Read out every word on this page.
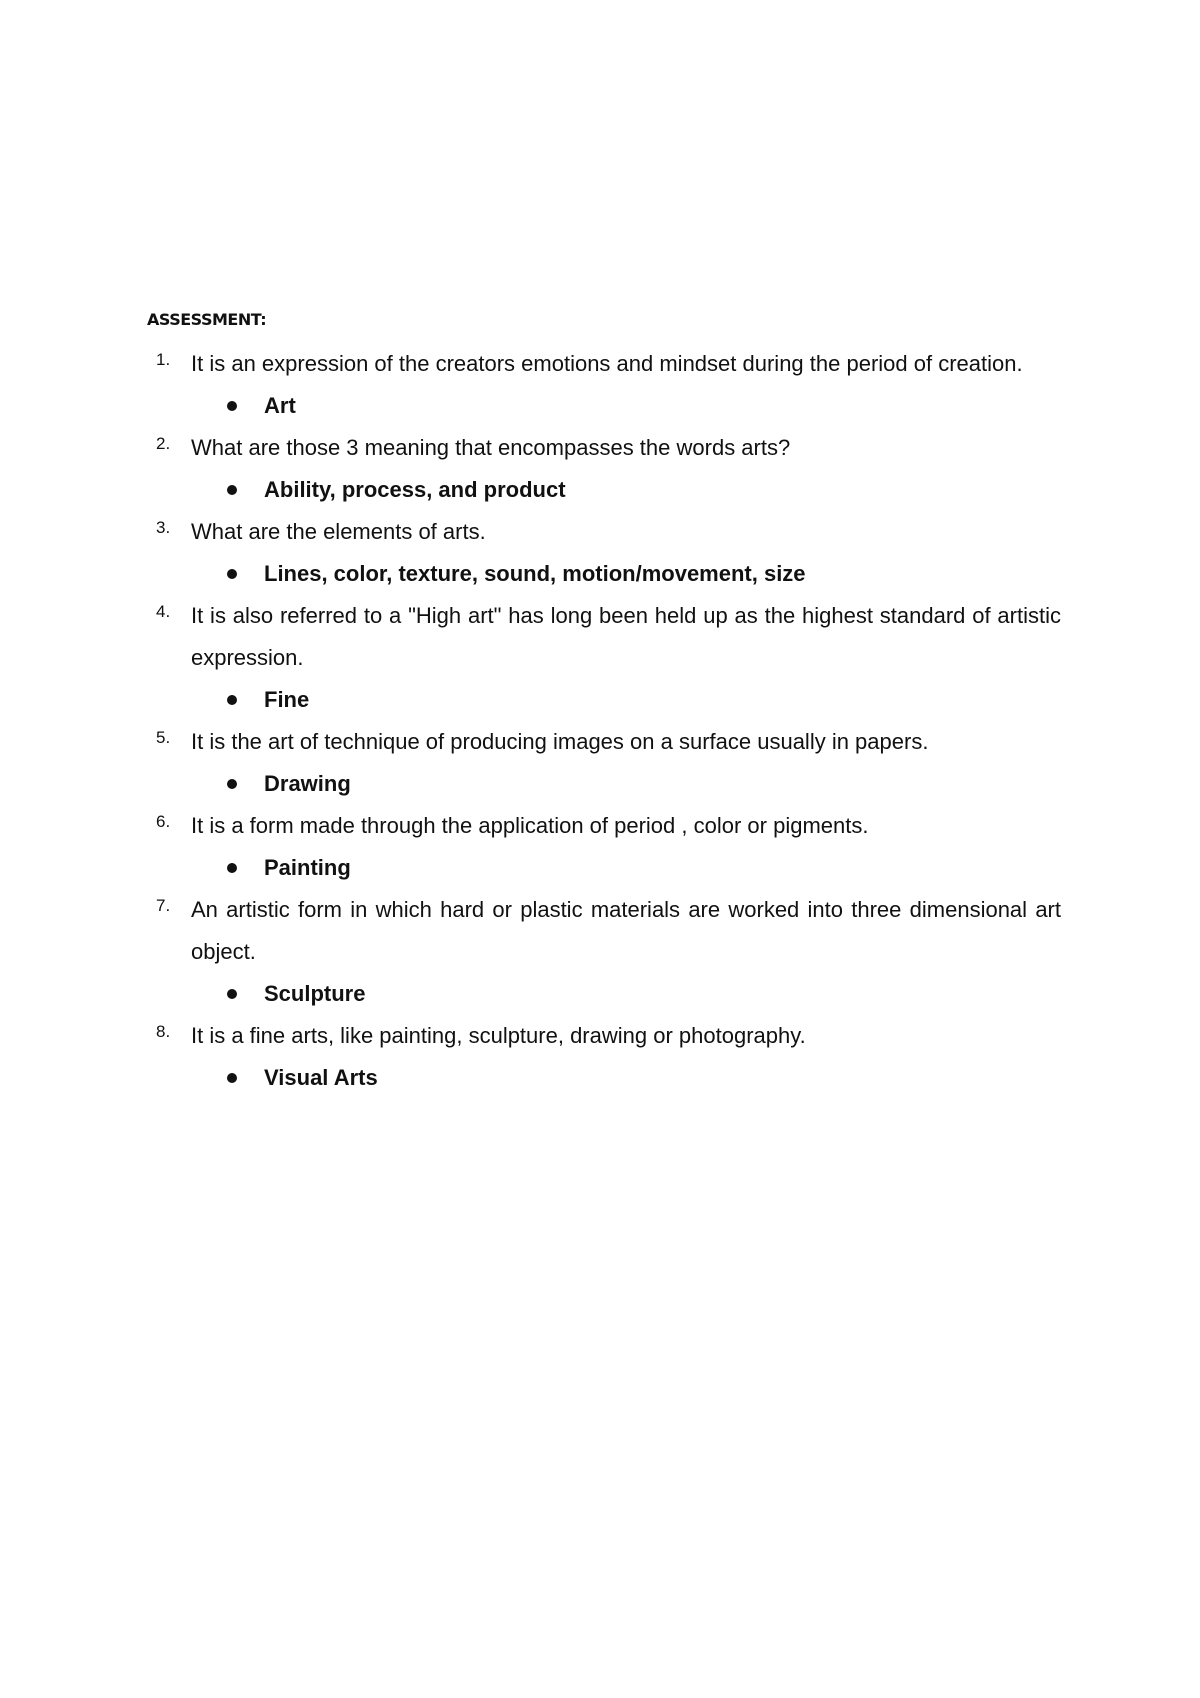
ASSESSMENT:
1. It is an expression of the creators emotions and mindset during the period of creation.
Art
2. What are those 3 meaning that encompasses the words arts?
Ability, process, and product
3. What are the elements of arts.
Lines, color, texture, sound, motion/movement, size
4. It is also referred to a "High art" has long been held up as the highest standard of artistic expression.
Fine
5. It is the art of technique of producing images on a surface usually in papers.
Drawing
6. It is a form made through the application of period , color or pigments.
Painting
7. An artistic form in which hard or plastic materials are worked into three dimensional art object.
Sculpture
8. It is a fine arts, like painting, sculpture, drawing or photography.
Visual Arts
